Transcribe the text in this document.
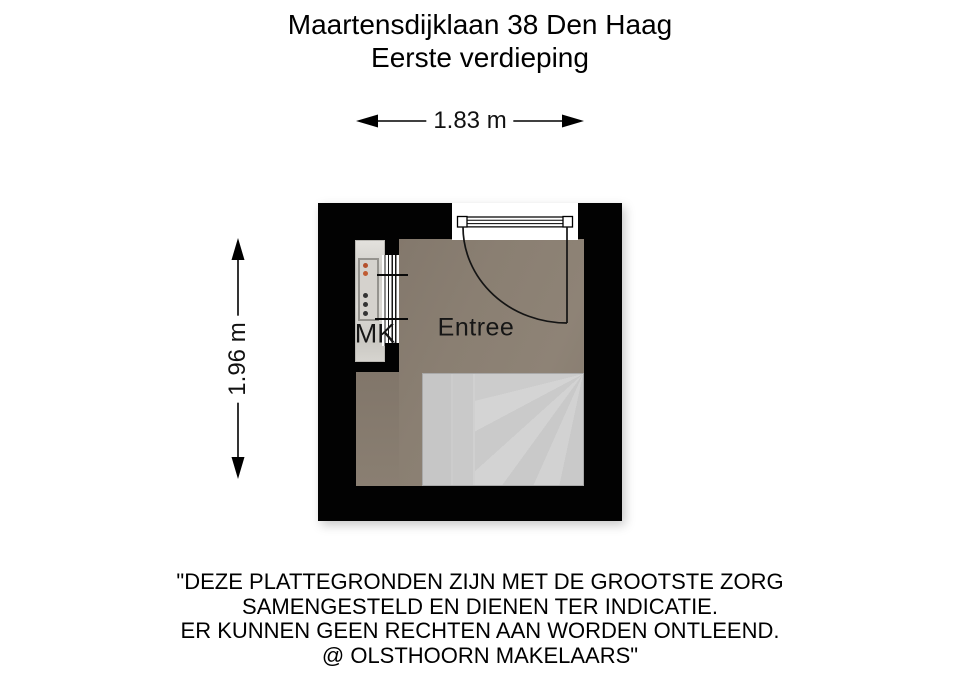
Maartensdijklaan 38 Den Haag
Eerste verdieping
1.83 m
1.96 m	Entree
MK
"DEZE PLATTEGRONDEN ZIJN MET DE GROOTSTE ZORG
SAMENGESTELD EN DIENEN TER INDICATIE.
ER KUNNEN GEEN RECHTEN AAN WORDEN ONTLEEND.
@ OLSTHOORN MAKELAARS"
